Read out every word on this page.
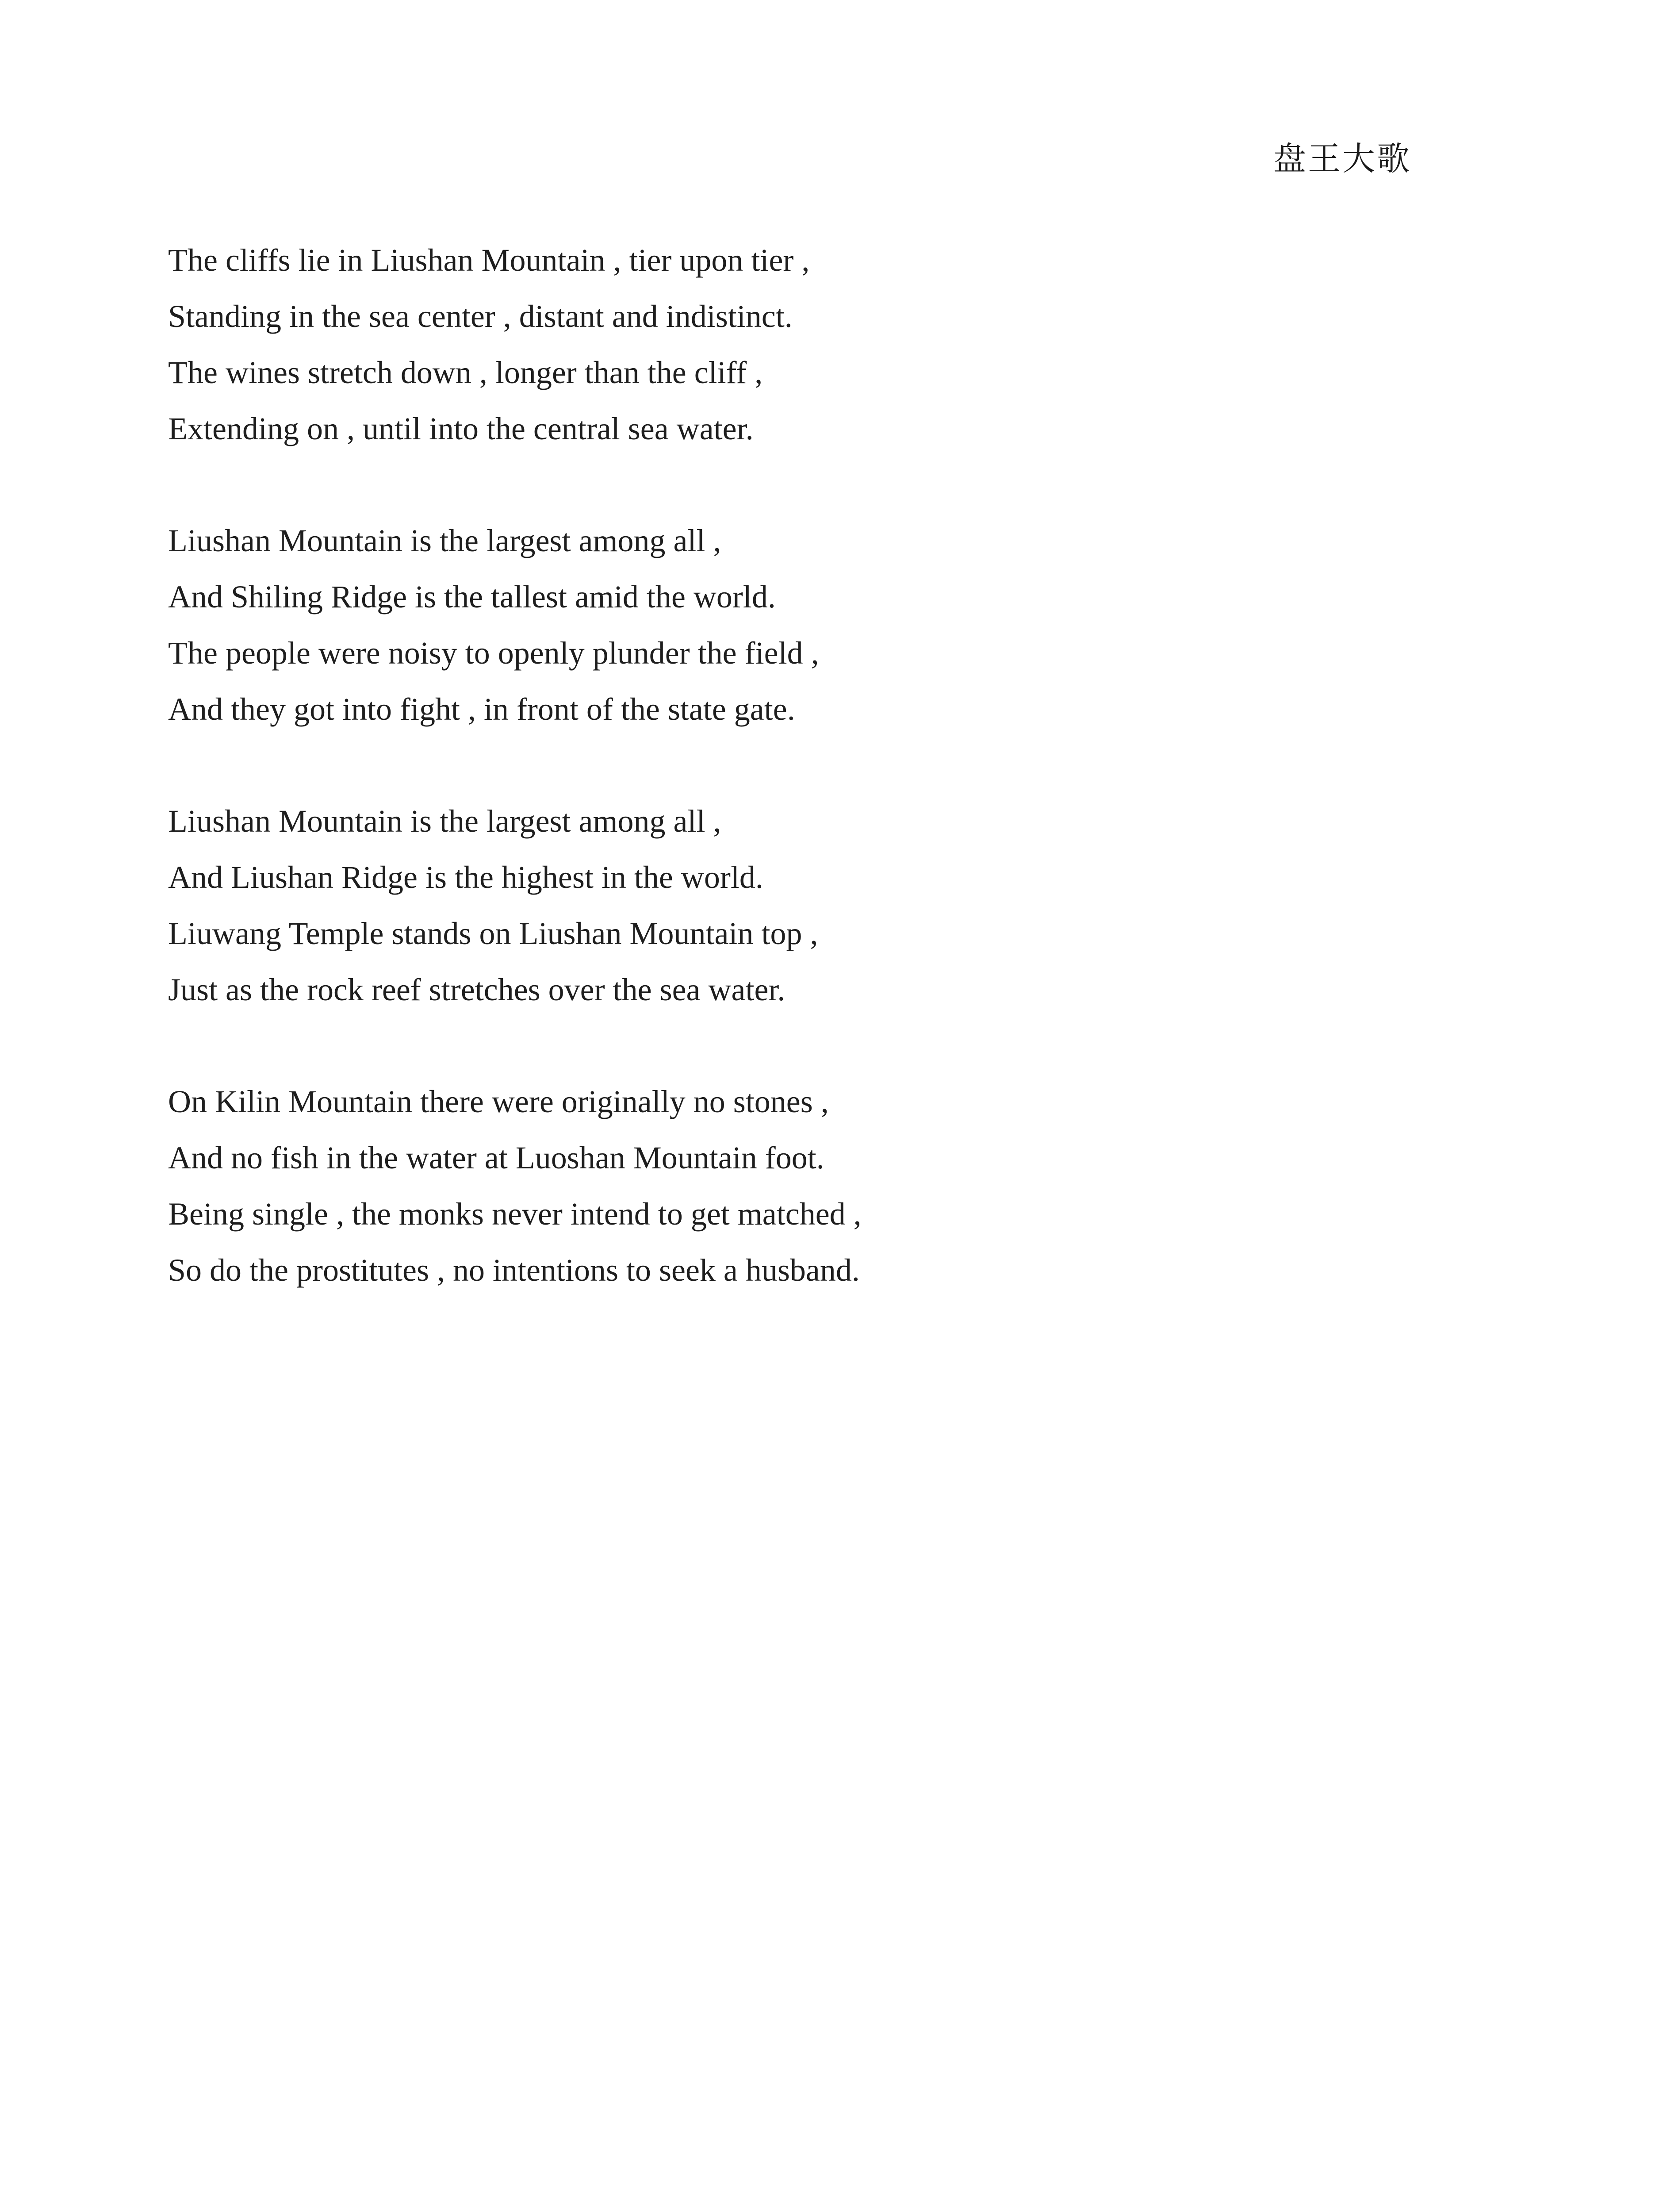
盘王大歌
The cliffs lie in Liushan Mountain , tier upon tier ,
Standing in the sea center , distant and indistinct.
The wines stretch down , longer than the cliff ,
Extending on , until into the central sea water.
Liushan Mountain is the largest among all ,
And Shiling Ridge is the tallest amid the world.
The people were noisy to openly plunder the field ,
And they got into fight , in front of the state gate.
Liushan Mountain is the largest among all ,
And Liushan Ridge is the highest in the world.
Liuwang Temple stands on Liushan Mountain top ,
Just as the rock reef stretches over the sea water.
On Kilin Mountain there were originally no stones ,
And no fish in the water at Luoshan Mountain foot.
Being single , the monks never intend to get matched ,
So do the prostitutes , no intentions to seek a husband.
